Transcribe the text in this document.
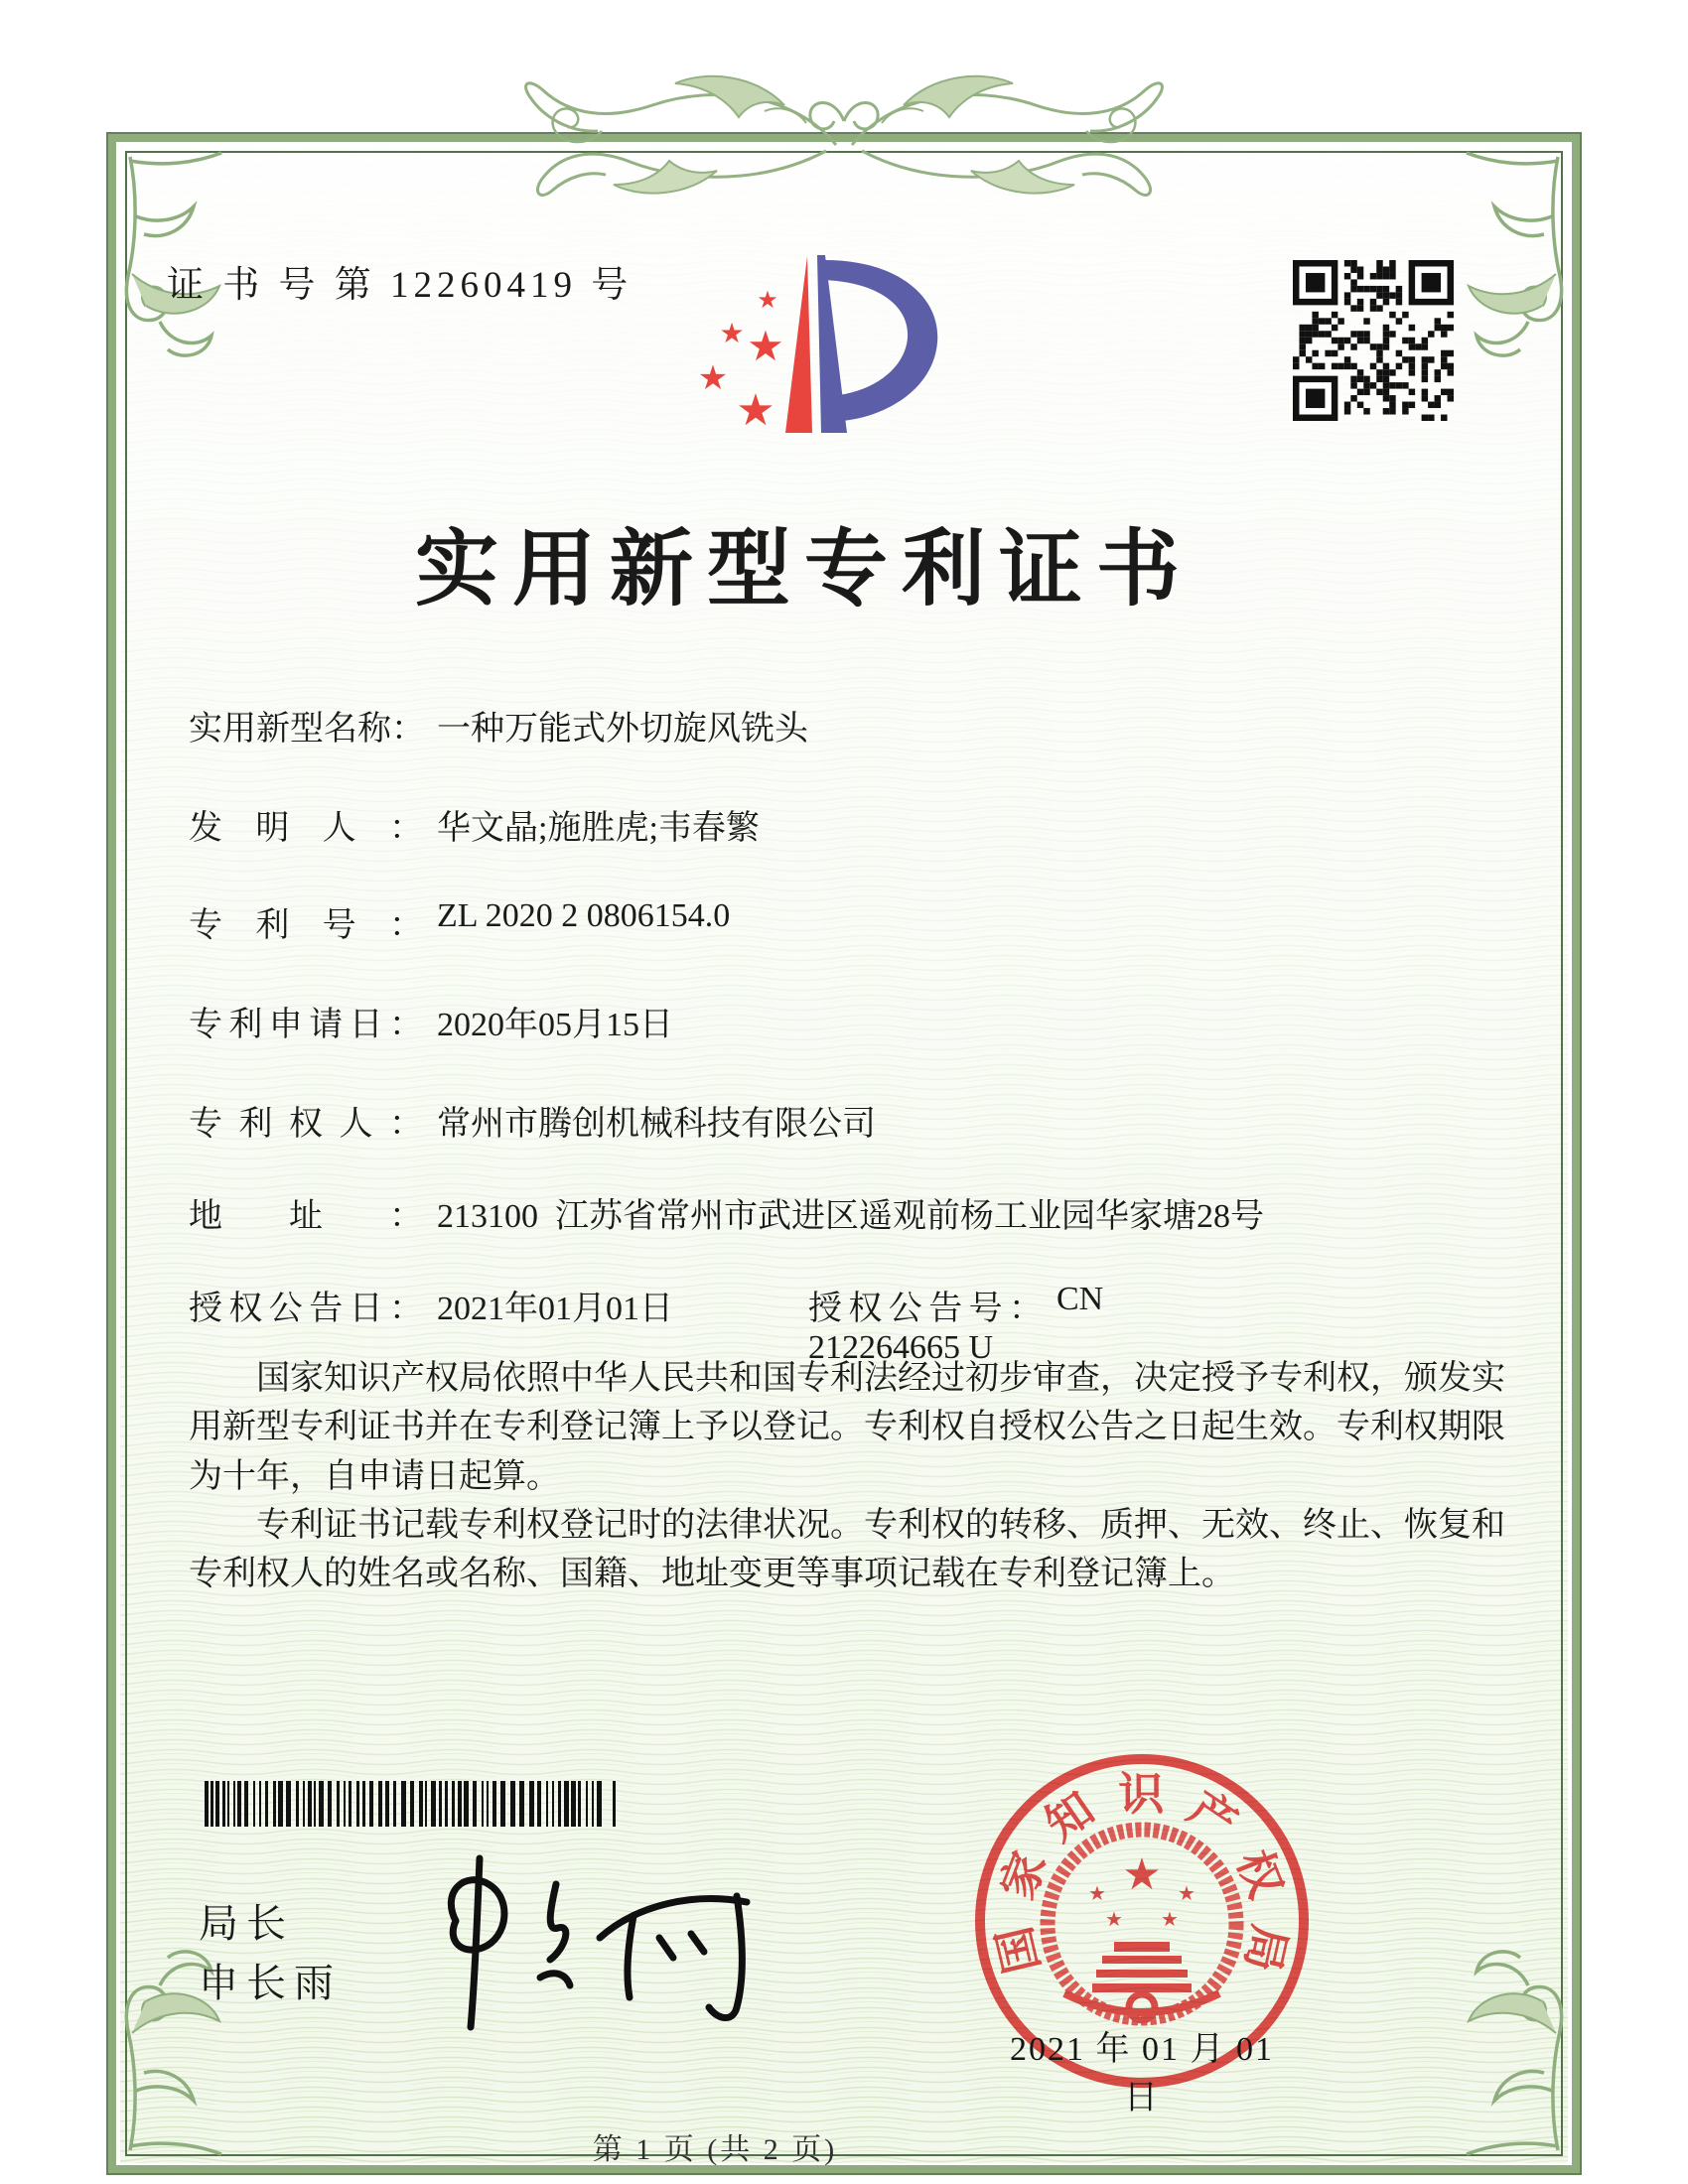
证 书 号 第 12260419 号	★
★ ★
★
★
实用新型专利证书
实用新型名称： 一种万能式外切旋风铣头
发明人： 华文晶;施胜虎;韦春繁
专利号： ZL 2020 2 0806154.0
专利申请日： 2020年05月15日
专利权人： 常州市腾创机械科技有限公司
地址： 213100  江苏省常州市武进区遥观前杨工业园华家塘28号
授权公告日： 2021年01月01日	授权公告号： CN 212264665 U

国家知识产权局依照中华人民共和国专利法经过初步审查，决定授予专利权，颁发实用新型专利证书并在专利登记簿上予以登记。专利权自授权公告之日起生效。专利权期限为十年，自申请日起算。

专利证书记载专利权登记时的法律状况。专利权的转移、质押、无效、终止、恢复和专利权人的姓名或名称、国籍、地址变更等事项记载在专利登记簿上。

局长
申长雨
国家知识产权局
★
★	★
★ ★
2021 年 01 月 01 日
第 1 页 (共 2 页)
